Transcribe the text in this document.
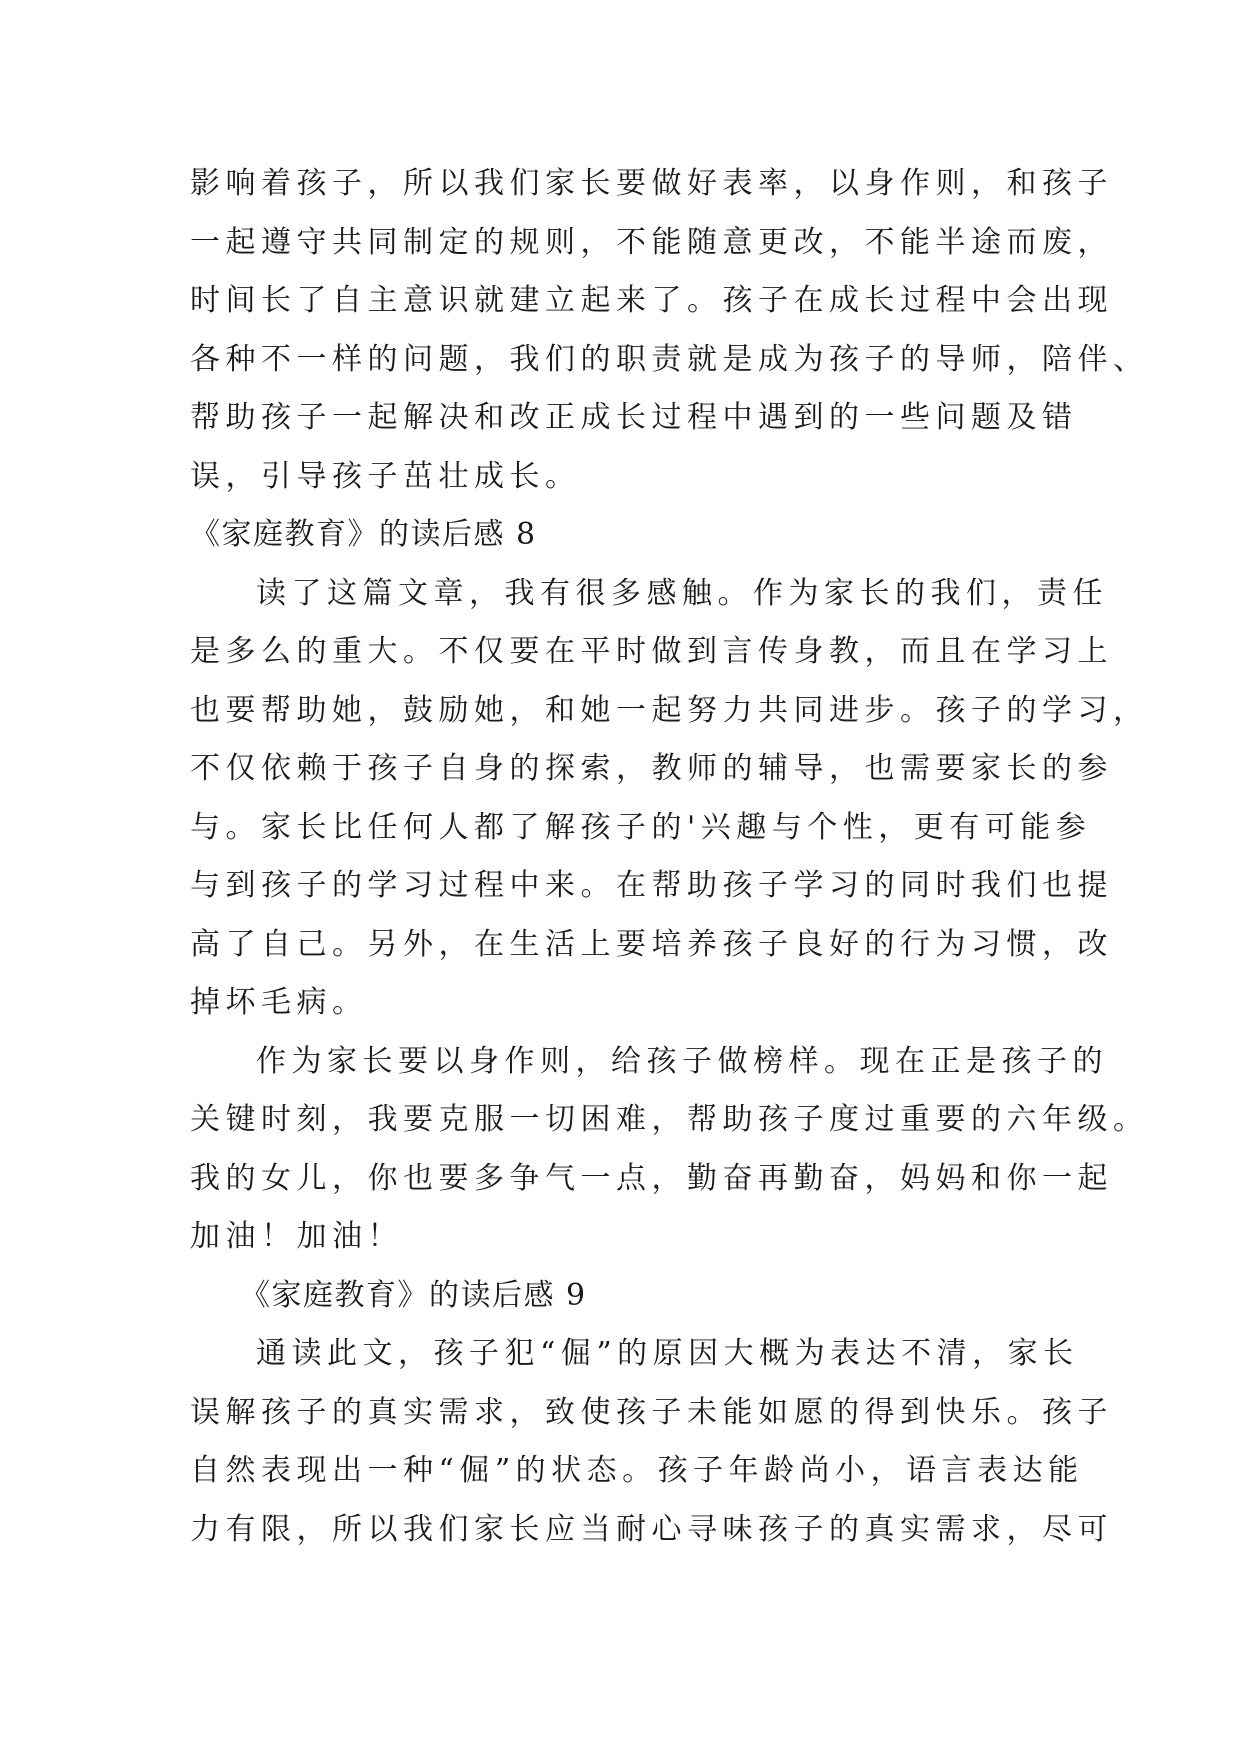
影响着孩子，所以我们家长要做好表率，以身作则，和孩子
一起遵守共同制定的规则，不能随意更改，不能半途而废，
时间长了自主意识就建立起来了。孩子在成长过程中会出现
各种不一样的问题，我们的职责就是成为孩子的导师，陪伴、
帮助孩子一起解决和改正成长过程中遇到的一些问题及错
误，引导孩子茁壮成长。
《家庭教育》的读后感 8
读了这篇文章，我有很多感触。作为家长的我们，责任
是多么的重大。不仅要在平时做到言传身教，而且在学习上
也要帮助她，鼓励她，和她一起努力共同进步。孩子的学习，
不仅依赖于孩子自身的探索，教师的辅导，也需要家长的参
与。家长比任何人都了解孩子的'兴趣与个性，更有可能参
与到孩子的学习过程中来。在帮助孩子学习的同时我们也提
高了自己。另外，在生活上要培养孩子良好的行为习惯，改
掉坏毛病。
作为家长要以身作则，给孩子做榜样。现在正是孩子的
关键时刻，我要克服一切困难，帮助孩子度过重要的六年级。
我的女儿，你也要多争气一点，勤奋再勤奋，妈妈和你一起
加油！加油！
《家庭教育》的读后感 9
通读此文，孩子犯“倔”的原因大概为表达不清，家长
误解孩子的真实需求，致使孩子未能如愿的得到快乐。孩子
自然表现出一种“倔”的状态。孩子年龄尚小，语言表达能
力有限，所以我们家长应当耐心寻味孩子的真实需求，尽可
